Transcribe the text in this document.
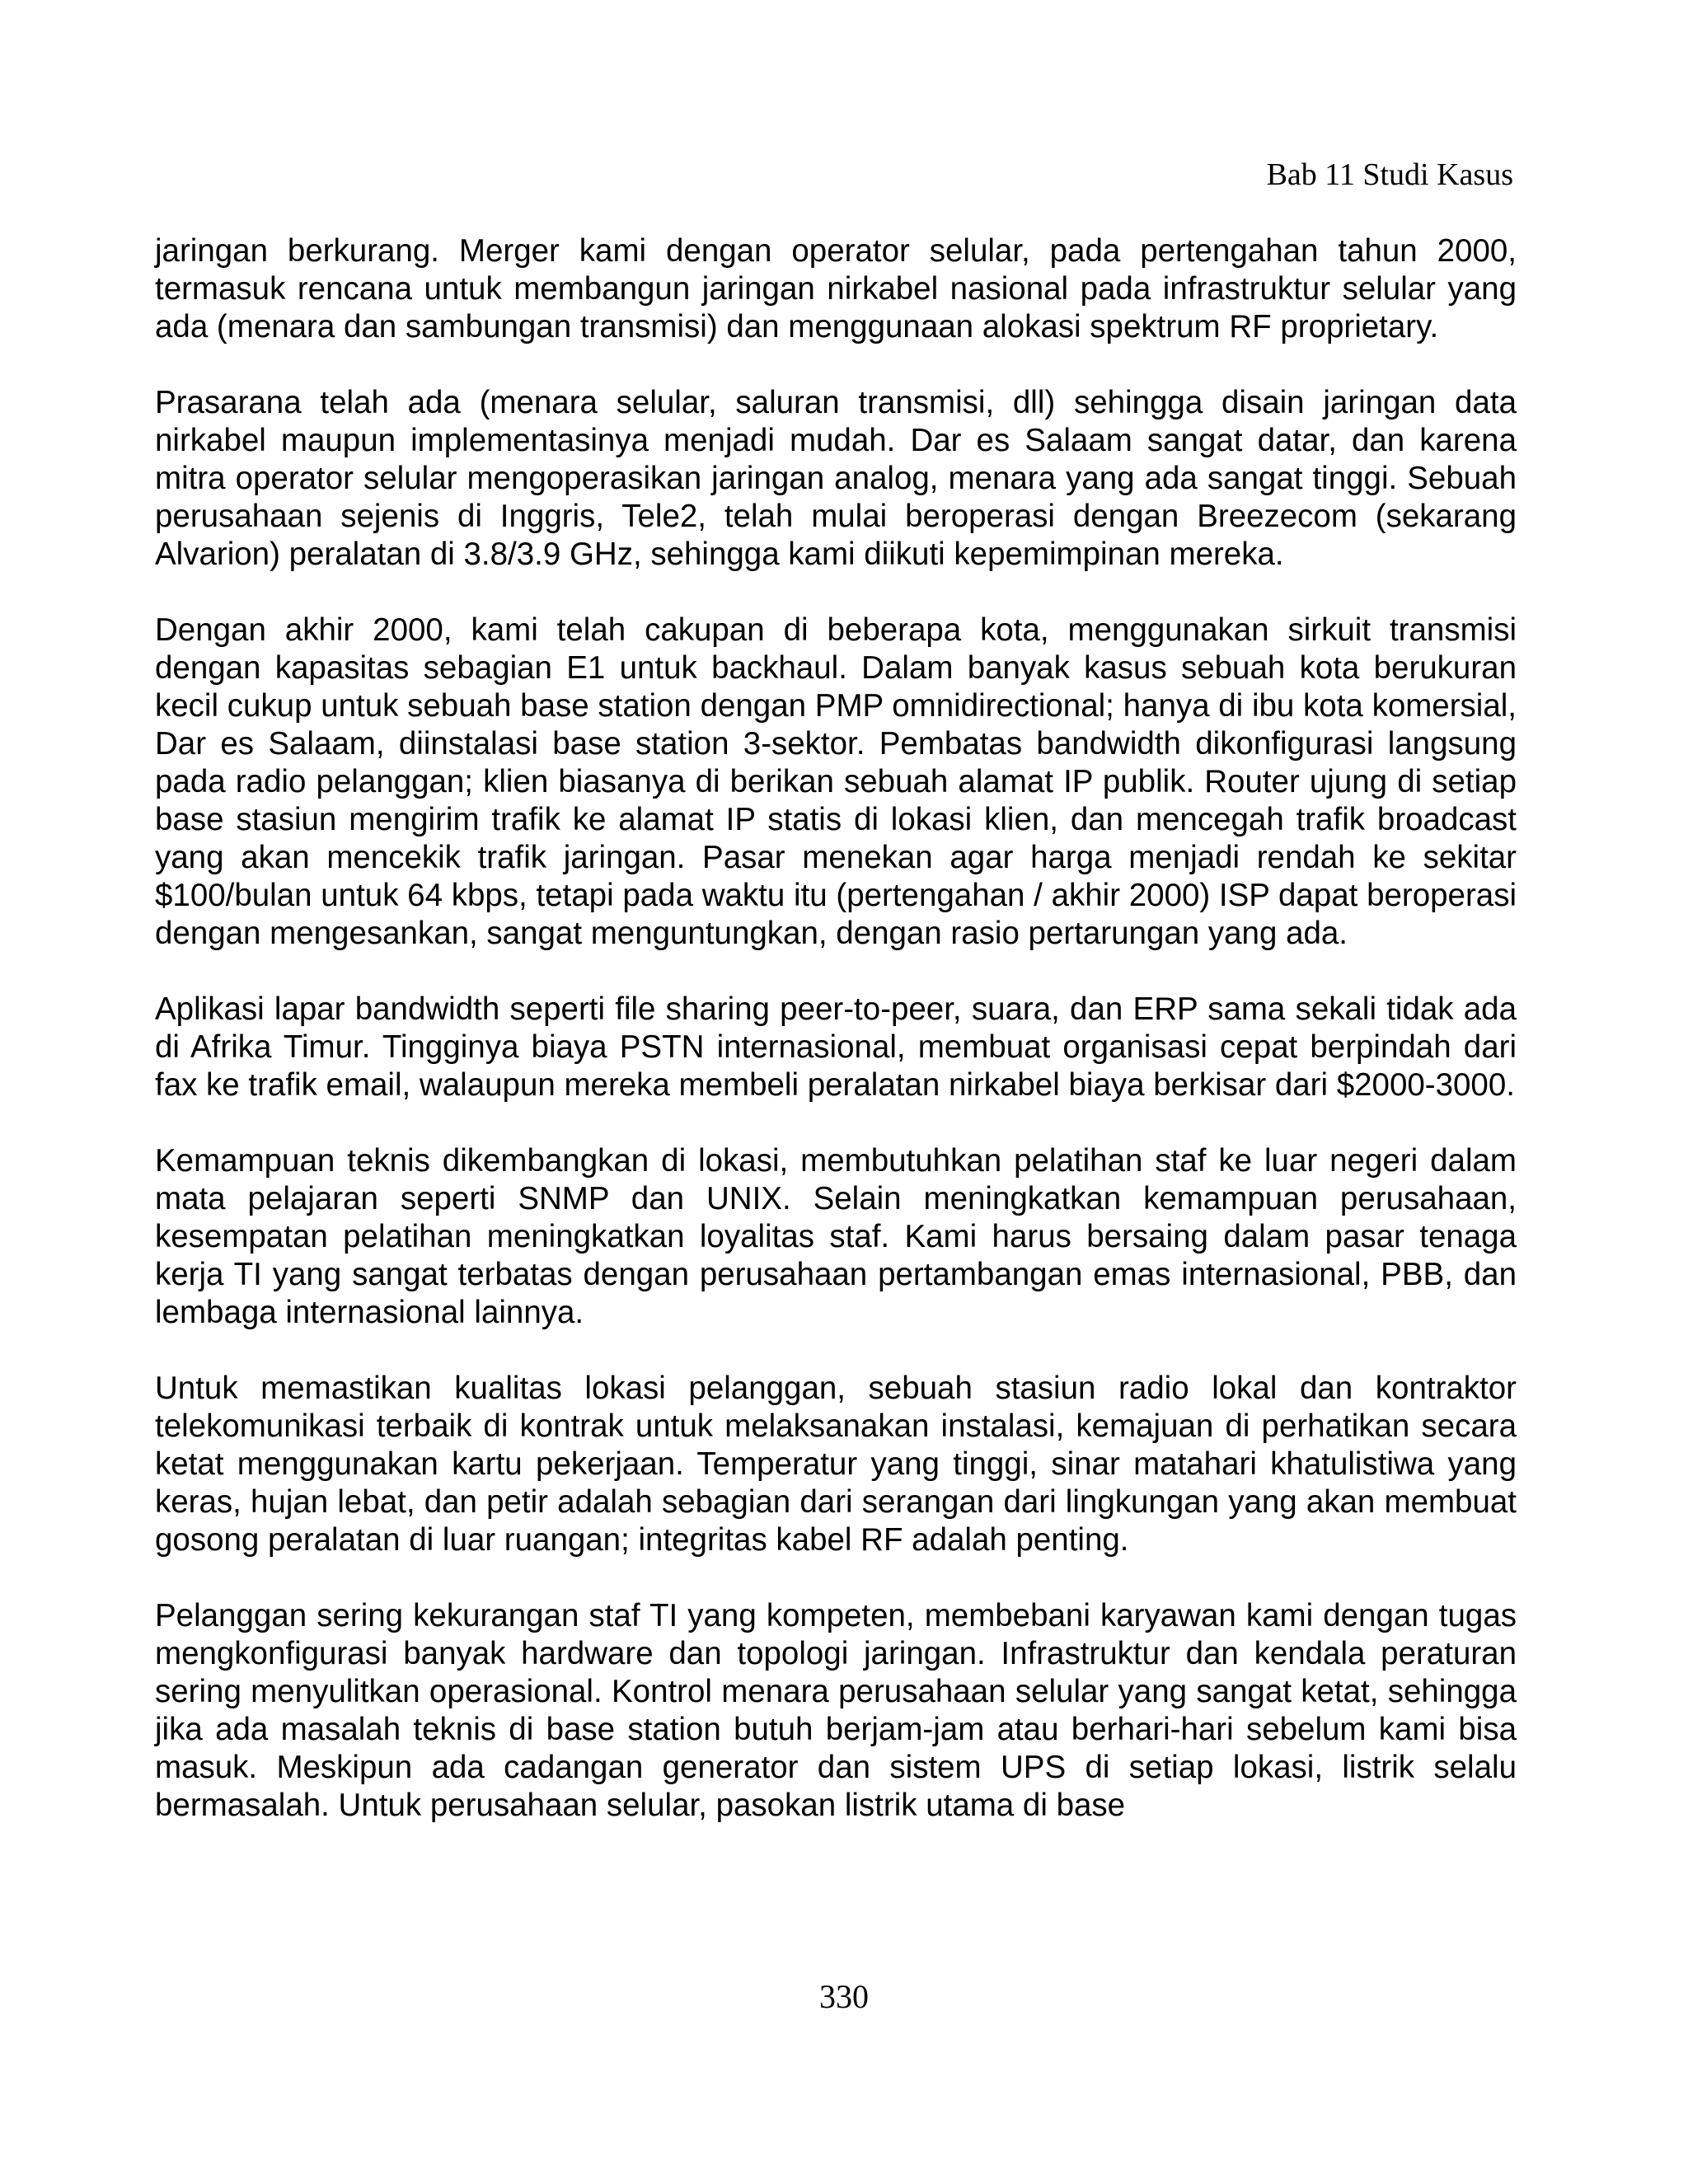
Bab 11 Studi Kasus

jaringan berkurang. Merger kami dengan operator selular, pada pertengahan tahun 2000, termasuk rencana untuk membangun jaringan nirkabel nasional pada infrastruktur selular yang ada (menara dan sambungan transmisi) dan menggunaan alokasi spektrum RF proprietary.

Prasarana telah ada (menara selular, saluran transmisi, dll) sehingga disain jaringan data nirkabel maupun implementasinya menjadi mudah. Dar es Salaam sangat datar, dan karena mitra operator selular mengoperasikan jaringan analog, menara yang ada sangat tinggi. Sebuah perusahaan sejenis di Inggris, Tele2, telah mulai beroperasi dengan Breezecom (sekarang Alvarion) peralatan di 3.8/3.9 GHz, sehingga kami diikuti kepemimpinan mereka.

Dengan akhir 2000, kami telah cakupan di beberapa kota, menggunakan sirkuit transmisi dengan kapasitas sebagian E1 untuk backhaul. Dalam banyak kasus sebuah kota berukuran kecil cukup untuk sebuah base station dengan PMP omnidirectional; hanya di ibu kota komersial, Dar es Salaam, diinstalasi base station 3-sektor. Pembatas bandwidth dikonfigurasi langsung pada radio pelanggan; klien biasanya di berikan sebuah alamat IP publik. Router ujung di setiap base stasiun mengirim trafik ke alamat IP statis di lokasi klien, dan mencegah trafik broadcast yang akan mencekik trafik jaringan. Pasar menekan agar harga menjadi rendah ke sekitar $100/bulan untuk 64 kbps, tetapi pada waktu itu (pertengahan / akhir 2000) ISP dapat beroperasi dengan mengesankan, sangat menguntungkan, dengan rasio pertarungan yang ada.

Aplikasi lapar bandwidth seperti file sharing peer-to-peer, suara, dan ERP sama sekali tidak ada di Afrika Timur. Tingginya biaya PSTN internasional, membuat organisasi cepat berpindah dari fax ke trafik email, walaupun mereka membeli peralatan nirkabel biaya berkisar dari $2000-3000.

Kemampuan teknis dikembangkan di lokasi, membutuhkan pelatihan staf ke luar negeri dalam mata pelajaran seperti SNMP dan UNIX. Selain meningkatkan kemampuan perusahaan, kesempatan pelatihan meningkatkan loyalitas staf. Kami harus bersaing dalam pasar tenaga kerja TI yang sangat terbatas dengan perusahaan pertambangan emas internasional, PBB, dan lembaga internasional lainnya.

Untuk memastikan kualitas lokasi pelanggan, sebuah stasiun radio lokal dan kontraktor telekomunikasi terbaik di kontrak untuk melaksanakan instalasi, kemajuan di perhatikan secara ketat menggunakan kartu pekerjaan. Temperatur yang tinggi, sinar matahari khatulistiwa yang keras, hujan lebat, dan petir adalah sebagian dari serangan dari lingkungan yang akan membuat gosong peralatan di luar ruangan; integritas kabel RF adalah penting.

Pelanggan sering kekurangan staf TI yang kompeten, membebani karyawan kami dengan tugas mengkonfigurasi banyak hardware dan topologi jaringan. Infrastruktur dan kendala peraturan sering menyulitkan operasional. Kontrol menara perusahaan selular yang sangat ketat, sehingga jika ada masalah teknis di base station butuh berjam-jam atau berhari-hari sebelum kami bisa masuk. Meskipun ada cadangan generator dan sistem UPS di setiap lokasi, listrik selalu bermasalah. Untuk perusahaan selular, pasokan listrik utama di base

330
